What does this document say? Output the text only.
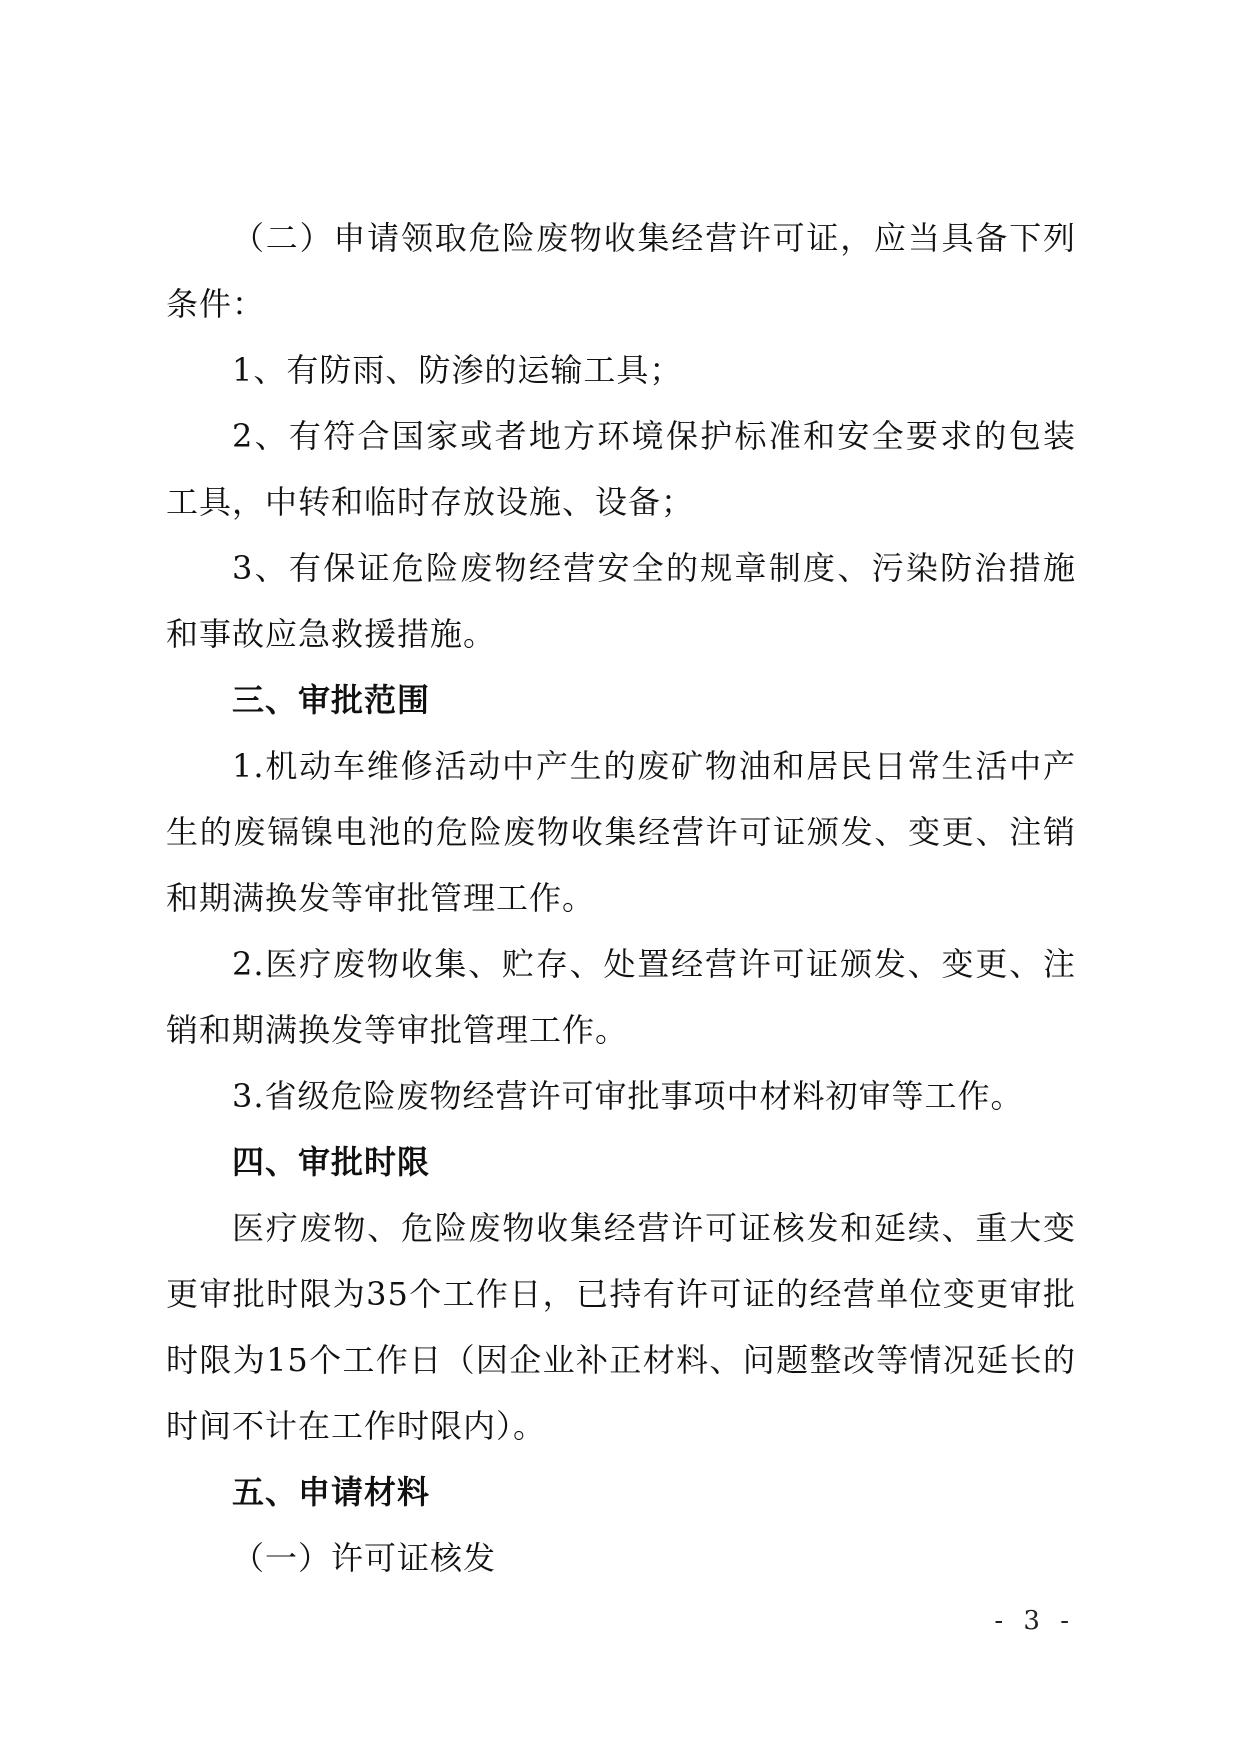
（二）申请领取危险废物收集经营许可证，应当具备下列条件：

1、有防雨、防渗的运输工具；

2、有符合国家或者地方环境保护标准和安全要求的包装工具，中转和临时存放设施、设备；

3、有保证危险废物经营安全的规章制度、污染防治措施和事故应急救援措施。

三、审批范围

1.机动车维修活动中产生的废矿物油和居民日常生活中产生的废镉镍电池的危险废物收集经营许可证颁发、变更、注销和期满换发等审批管理工作。

2.医疗废物收集、贮存、处置经营许可证颁发、变更、注销和期满换发等审批管理工作。

3.省级危险废物经营许可审批事项中材料初审等工作。

四、审批时限

医疗废物、危险废物收集经营许可证核发和延续、重大变更审批时限为35个工作日，已持有许可证的经营单位变更审批时限为15个工作日（因企业补正材料、问题整改等情况延长的时间不计在工作时限内）。

五、申请材料

（一）许可证核发

- 3 -
